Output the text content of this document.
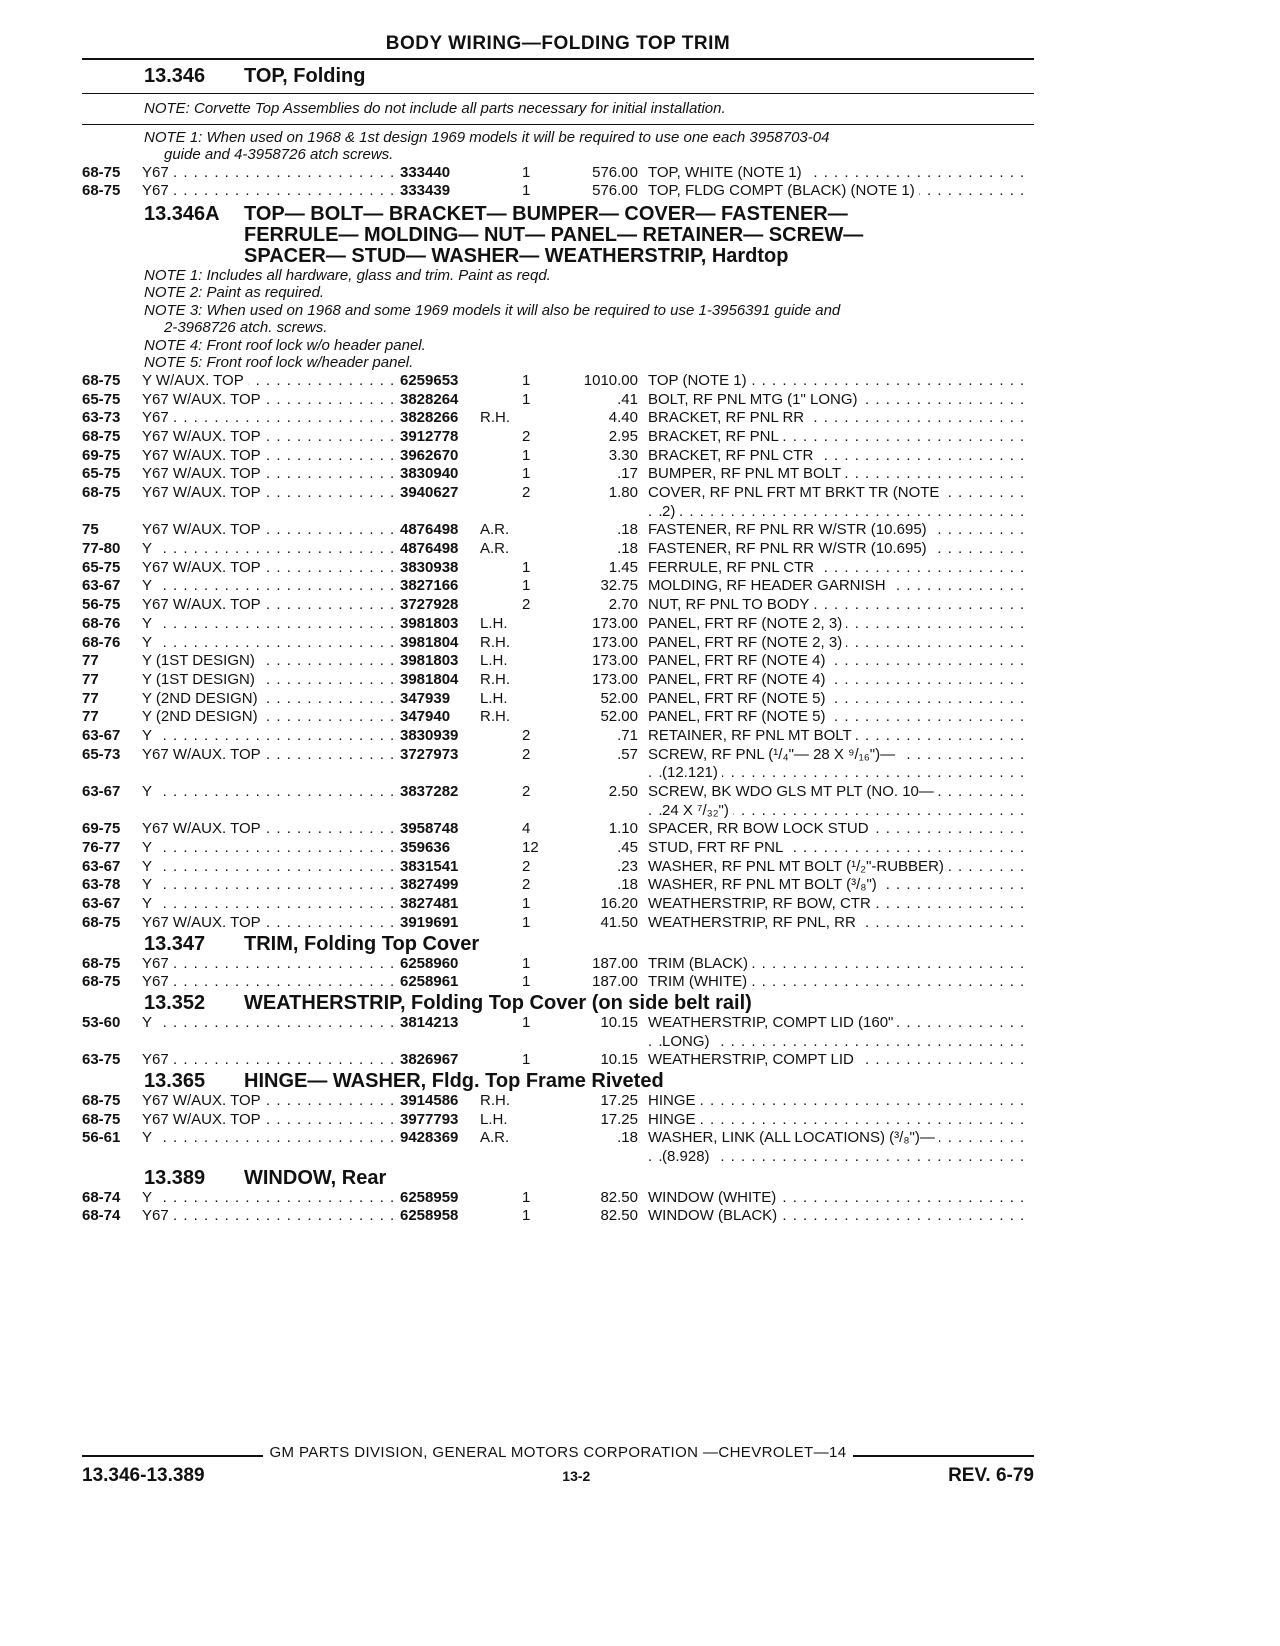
BODY WIRING—FOLDING TOP TRIM
13.346	TOP, Folding
NOTE: Corvette Top Assemblies do not include all parts necessary for initial installation.
NOTE 1: When used on 1968 & 1st design 1969 models it will be required to use one each 3958703-04
guide and 4-3958726 atch screws.
68-75	Y67 . . .	333440	1	576.00 TOP, WHITE (NOTE 1) . . .
68-75	Y67 . . .	333439	1	576.00 TOP, FLDG COMPT (BLACK) (NOTE 1) . . .
13.346A	TOP— BOLT— BRACKET— BUMPER— COVER— FASTENER—
FERRULE— MOLDING— NUT— PANEL— RETAINER— SCREW—
SPACER— STUD— WASHER— WEATHERSTRIP, Hardtop
NOTE 1: Includes all hardware, glass and trim. Paint as reqd.
NOTE 2: Paint as required.
NOTE 3: When used on 1968 and some 1969 models it will also be required to use 1-3956391 guide and
2-3968726 atch. screws.
NOTE 4: Front roof lock w/o header panel.
NOTE 5: Front roof lock w/header panel.
68-75	Y W/AUX. TOP . . .	6259653	1	1010.00 TOP (NOTE 1) . . .
65-75	Y67 W/AUX. TOP . . .	3828264	1	.41 BOLT, RF PNL MTG (1" LONG) . . .
63-73	Y67 . . .	3828266	R.H.	4.40 BRACKET, RF PNL RR . . .
68-75	Y67 W/AUX. TOP . . .	3912778	2	2.95 BRACKET, RF PNL . . .
69-75	Y67 W/AUX. TOP . . .	3962670	1	3.30 BRACKET, RF PNL CTR . . .
65-75	Y67 W/AUX. TOP . . .	3830940	1	.17 BUMPER, RF PNL MT BOLT . . .
68-75	Y67 W/AUX. TOP . . .	3940627	2	1.80 COVER, RF PNL FRT MT BRKT TR (NOTE . . .
2) . . .
75	Y67 W/AUX. TOP . . .	4876498	A.R.	.18 FASTENER, RF PNL RR W/STR (10.695) . . .
77-80	Y . . .	4876498	A.R.	.18 FASTENER, RF PNL RR W/STR (10.695) . . .
65-75	Y67 W/AUX. TOP . . .	3830938	1	1.45 FERRULE, RF PNL CTR . . .
63-67	Y . . .	3827166	1	32.75 MOLDING, RF HEADER GARNISH . . .
56-75	Y67 W/AUX. TOP . . .	3727928	2	2.70 NUT, RF PNL TO BODY . . .
68-76	Y . . .	3981803	L.H.	173.00 PANEL, FRT RF (NOTE 2, 3) . . .
68-76	Y . . .	3981804	R.H.	173.00 PANEL, FRT RF (NOTE 2, 3) . . .
77	Y (1ST DESIGN) . . .	3981803	L.H.	173.00 PANEL, FRT RF (NOTE 4) . . .
77	Y (1ST DESIGN) . . .	3981804	R.H.	173.00 PANEL, FRT RF (NOTE 4) . . .
77	Y (2ND DESIGN) . . .	347939	L.H.	52.00 PANEL, FRT RF (NOTE 5) . . .
77	Y (2ND DESIGN) . . .	347940	R.H.	52.00 PANEL, FRT RF (NOTE 5) . . .
63-67	Y . . .	3830939	2	.71 RETAINER, RF PNL MT BOLT . . .
65-73	Y67 W/AUX. TOP . . .	3727973	2	.57 SCREW, RF PNL (¹/₄"— 28 X ⁹/₁₆")— . . .
(12.121) . . .
63-67	Y . . .	3837282	2	2.50 SCREW, BK WDO GLS MT PLT (NO. 10— . . .
24 X ⁷/₃₂") . . .
69-75	Y67 W/AUX. TOP . . .	3958748	4	1.10 SPACER, RR BOW LOCK STUD . . .
76-77	Y . . .	359636	12	.45 STUD, FRT RF PNL . . .
63-67	Y . . .	3831541	2	.23 WASHER, RF PNL MT BOLT (¹/₂"-RUBBER) . . .
63-78	Y . . .	3827499	2	.18 WASHER, RF PNL MT BOLT (³/₈") . . .
63-67	Y . . .	3827481	1	16.20 WEATHERSTRIP, RF BOW, CTR . . .
68-75	Y67 W/AUX. TOP . . .	3919691	1	41.50 WEATHERSTRIP, RF PNL, RR . . .
13.347	TRIM, Folding Top Cover
68-75	Y67 . . .	6258960	1	187.00 TRIM (BLACK) . . .
68-75	Y67 . . .	6258961	1	187.00 TRIM (WHITE) . . .
13.352	WEATHERSTRIP, Folding Top Cover (on side belt rail)
53-60	Y . . .	3814213	1	10.15 WEATHERSTRIP, COMPT LID (160" . . .
LONG) . . .
63-75	Y67 . . .	3826967	1	10.15 WEATHERSTRIP, COMPT LID . . .
13.365	HINGE— WASHER, Fldg. Top Frame Riveted
68-75	Y67 W/AUX. TOP . . .	3914586	R.H.	17.25 HINGE . . .
68-75	Y67 W/AUX. TOP . . .	3977793	L.H.	17.25 HINGE . . .
56-61	Y . . .	9428369	A.R.	.18 WASHER, LINK (ALL LOCATIONS) (³/₈")— . . .
(8.928) . . .
13.389	WINDOW, Rear
68-74	Y . . .	6258959	1	82.50 WINDOW (WHITE) . . .
68-74	Y67 . . .	6258958	1	82.50 WINDOW (BLACK) . . .
GM PARTS DIVISION, GENERAL MOTORS CORPORATION —CHEVROLET—14
13.346-13.389	13-2	REV. 6-79
